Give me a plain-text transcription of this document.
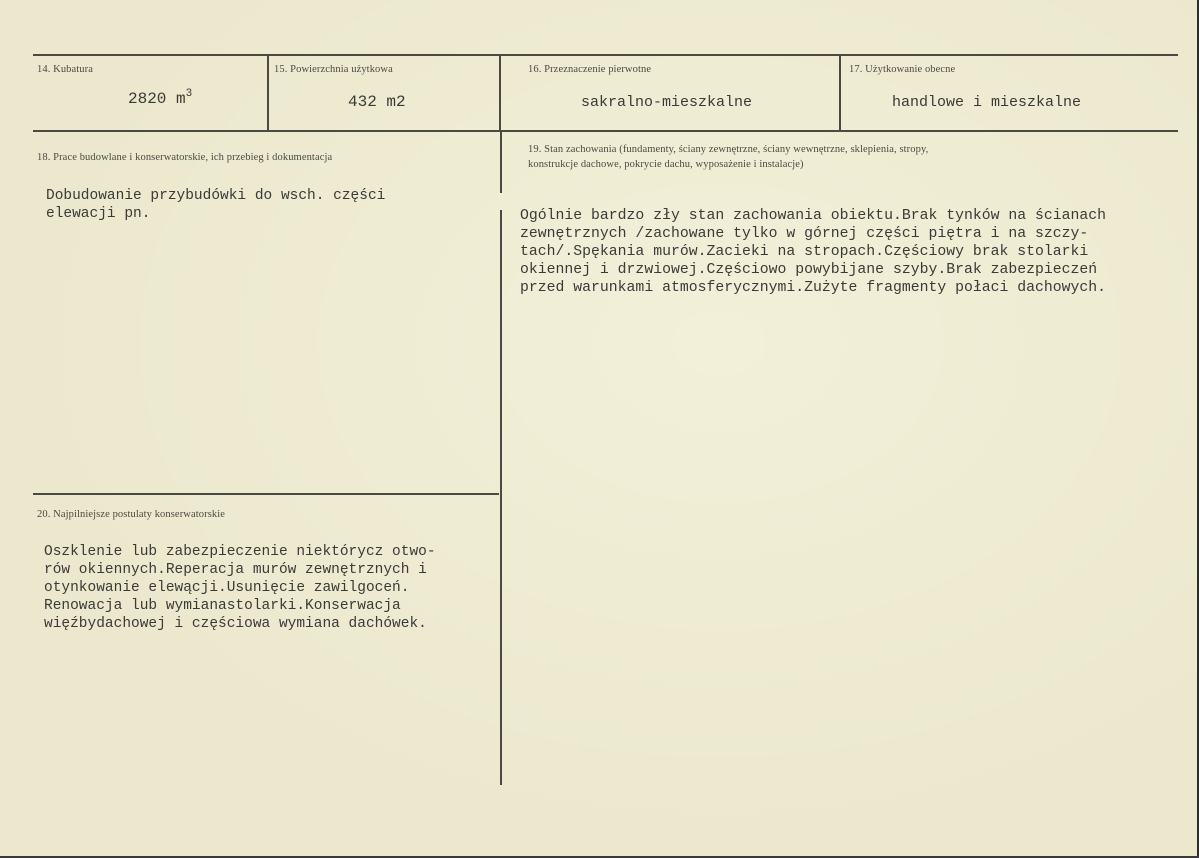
14. Kubatura
2820 $m^3$
15. Powierzchnia użytkowa
432 m2
16. Przeznaczenie pierwotne
sakralno-mieszkalne
17. Użytkowanie obecne
handlowe i mieszkalne
18. Prace budowlane i konserwatorskie, ich przebieg i dokumentacja
Dobudowanie przybudówki do wsch. części
elewacji pn.
19. Stan zachowania (fundamenty, ściany zewnętrzne, ściany wewnętrzne, sklepienia, stropy,
konstrukcje dachowe, pokrycie dachu, wyposażenie i instalacje)
Ogólnie bardzo zły stan zachowania obiektu.Brak tynków na ścianach
zewnętrznych /zachowane tylko w górnej części piętra i na szczy-
tach/.Spękania murów.Zacieki na stropach.Częściowy brak stolarki
okiennej i drzwiowej.Częściowo powybijane szyby.Brak zabezpieczeń
przed warunkami atmosferycznymi.Zużyte fragmenty połaci dachowych.
20. Najpilniejsze postulaty konserwatorskie
Oszklenie lub zabezpieczenie niektórycz otwo-
rów okiennych.Reperacja murów zewnętrznych i
otynkowanie elewącji.Usunięcie zawilgoceń.
Renowacja lub wymianastolarki.Konserwacja
więźbydachowej i częściowa wymiana dachówek.
